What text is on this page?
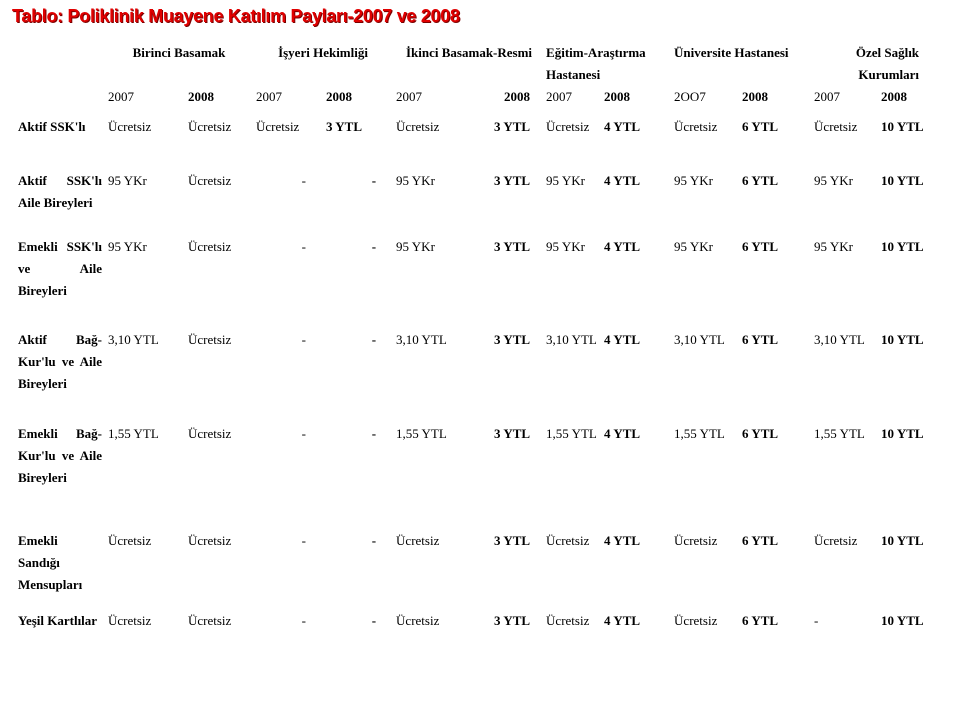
Tablo: Poliklinik Muayene Katılım Payları-2007 ve 2008
	Birinci Basamak		İşyeri Hekimliği		İkinci Basamak-Resmi		Eğitim-Araştırma Hastanesi		Üniversite Hastanesi		Özel Sağlık Kurumları	
	2007	2008	2007	2008	2007	2008	2007	2008	2OO7	2008	2007	2008
Aktif SSK'lı	Ücretsiz	Ücretsiz	Ücretsiz	3 YTL	Ücretsiz	3 YTL	Ücretsiz	4 YTL	Ücretsiz	6 YTL	Ücretsiz	10 YTL
Aktif SSK'lı Aile Bireyleri	95 YKr	Ücretsiz	-	-	95 YKr	3 YTL	95 YKr	4 YTL	95 YKr	6 YTL	95 YKr	10 YTL
Emekli SSK'lı ve Aile Bireyleri	95 YKr	Ücretsiz	-	-	95 YKr	3 YTL	95 YKr	4 YTL	95 YKr	6 YTL	95 YKr	10 YTL
Aktif Bağ-Kur'lu ve Aile Bireyleri	3,10 YTL	Ücretsiz	-	-	3,10 YTL	3 YTL	3,10 YTL	4 YTL	3,10 YTL	6 YTL	3,10 YTL	10 YTL
Emekli Bağ-Kur'lu ve Aile Bireyleri	1,55 YTL	Ücretsiz	-	-	1,55 YTL	3 YTL	1,55 YTL	4 YTL	1,55 YTL	6 YTL	1,55 YTL	10 YTL
Emekli Sandığı Mensupları	Ücretsiz	Ücretsiz	-	-	Ücretsiz	3 YTL	Ücretsiz	4 YTL	Ücretsiz	6 YTL	Ücretsiz	10 YTL
Yeşil Kartlılar	Ücretsiz	Ücretsiz	-	-	Ücretsiz	3 YTL	Ücretsiz	4 YTL	Ücretsiz	6 YTL	-	10 YTL
